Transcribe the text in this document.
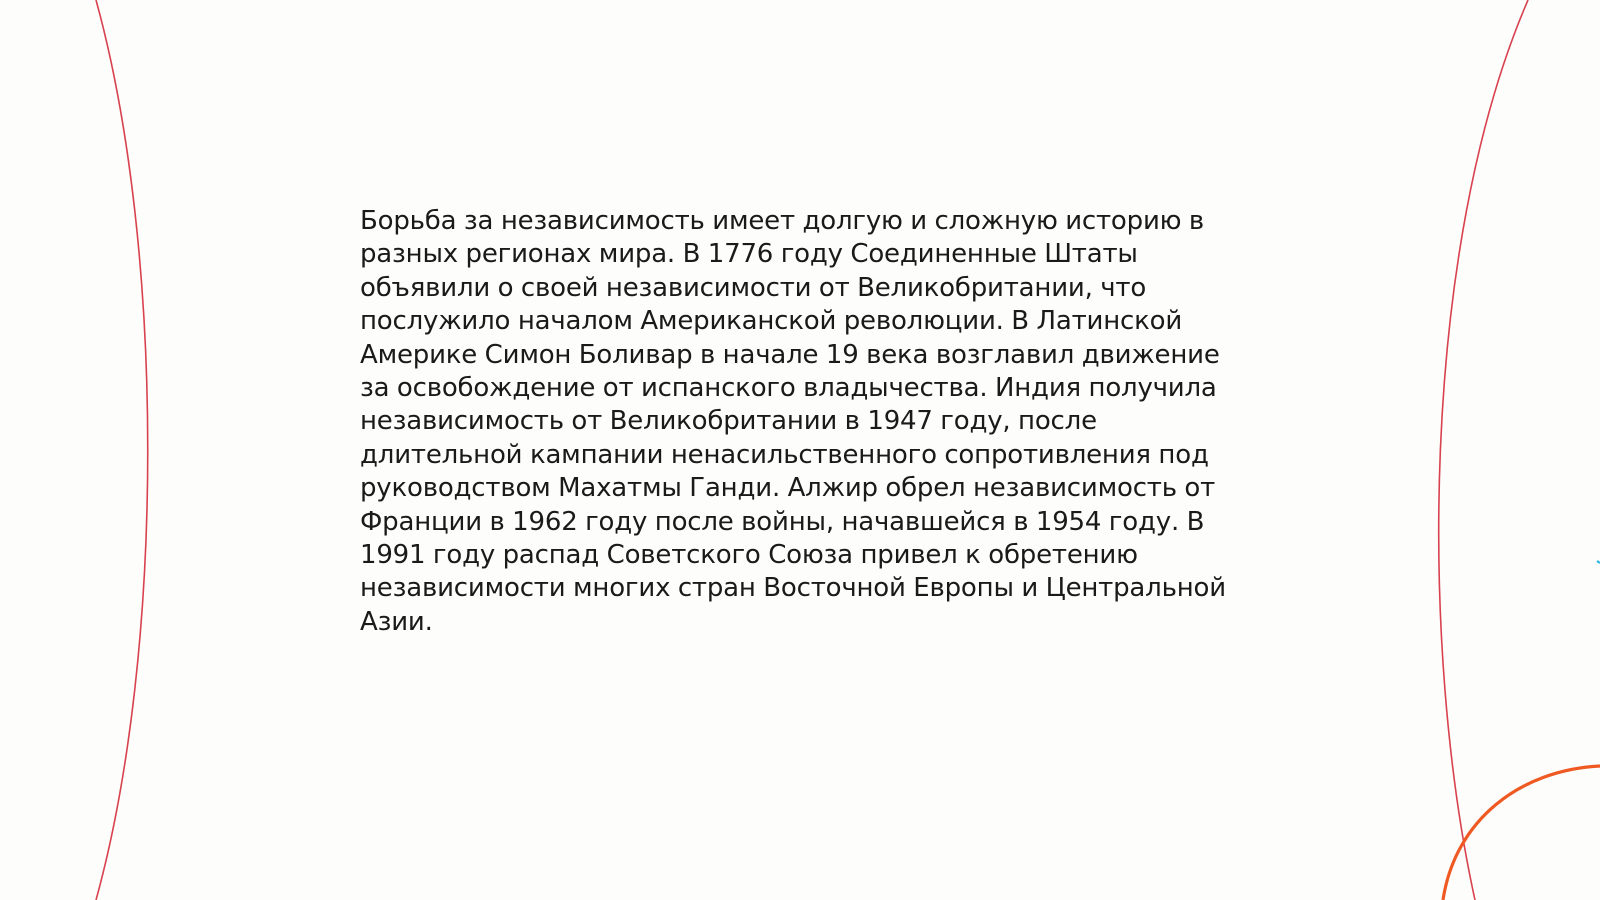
Борьба за независимость имеет долгую и сложную историю в разных регионах мира. В 1776 году Соединенные Штаты объявили о своей независимости от Великобритании, что послужило началом Американской революции. В Латинской Америке Симон Боливар в начале 19 века возглавил движение за освобождение от испанского владычества. Индия получила независимость от Великобритании в 1947 году, после длительной кампании ненасильственного сопротивления под руководством Махатмы Ганди. Алжир обрел независимость от Франции в 1962 году после войны, начавшейся в 1954 году. В 1991 году распад Советского Союза привел к обретению независимости многих стран Восточной Европы и Центральной Азии.
